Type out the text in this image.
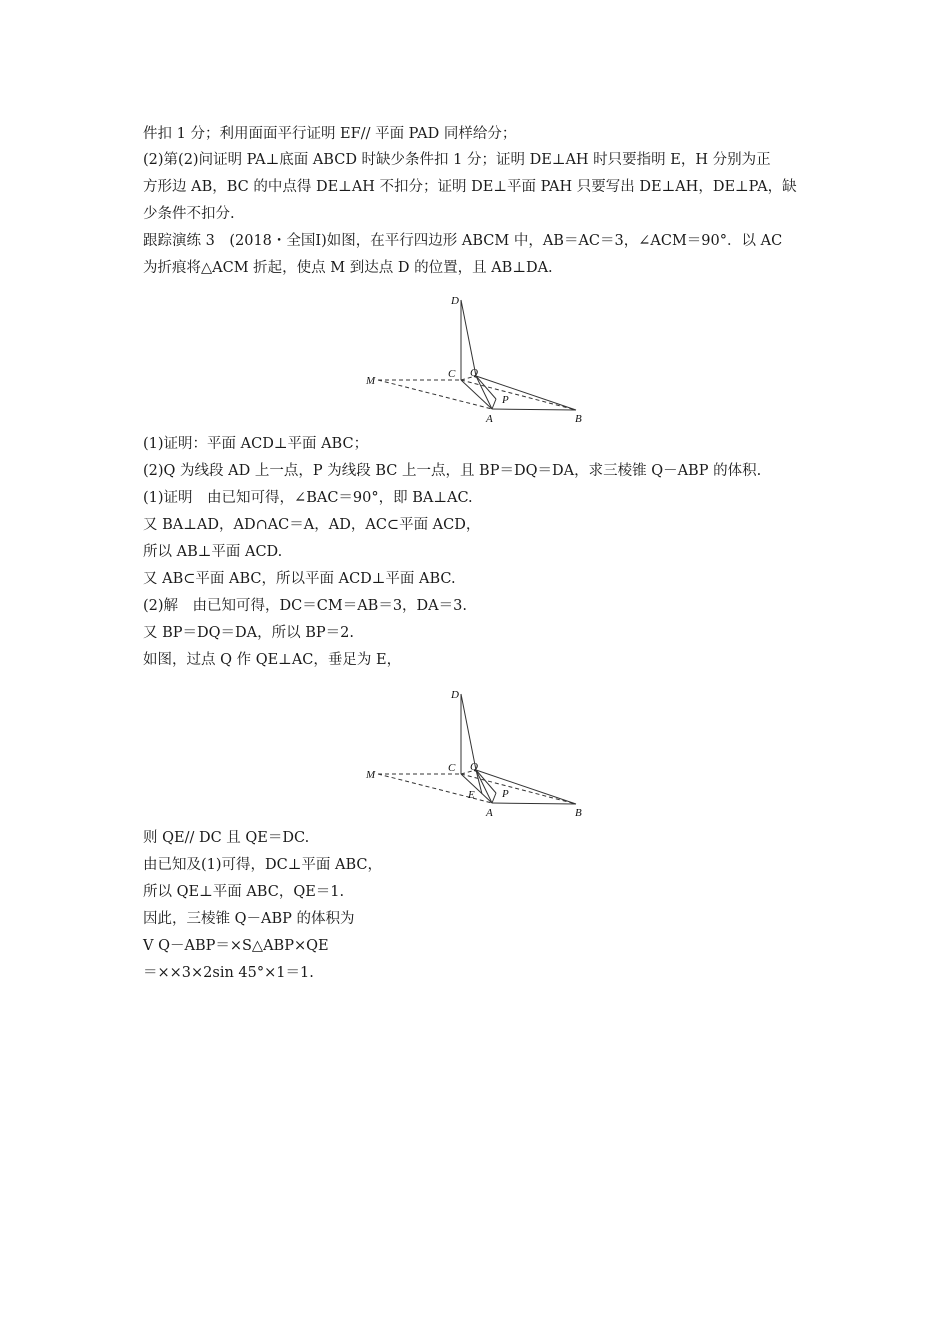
件扣 1 分；利用面面平行证明 EF// 平面 PAD 同样给分；
(2)第(2)问证明 PA⊥底面 ABCD 时缺少条件扣 1 分；证明 DE⊥AH 时只要指明 E，H 分别为正
方形边 AB，BC 的中点得 DE⊥AH 不扣分；证明 DE⊥平面 PAH 只要写出 DE⊥AH，DE⊥PA，缺
少条件不扣分.
跟踪演练 3　(2018・全国Ⅰ)如图，在平行四边形 ABCM 中，AB＝AC＝3，∠ACM＝90°．以 AC
为折痕将△ACM 折起，使点 M 到达点 D 的位置，且 AB⊥DA.
D
C Q
M
P
A	B
(1)证明：平面 ACD⊥平面 ABC；
(2)Q 为线段 AD 上一点，P 为线段 BC 上一点，且 BP＝DQ＝DA，求三棱锥 Q－ABP 的体积.
(1)证明　由已知可得，∠BAC＝90°，即 BA⊥AC.
又 BA⊥AD，AD∩AC＝A，AD，AC⊂平面 ACD，
所以 AB⊥平面 ACD.
又 AB⊂平面 ABC，所以平面 ACD⊥平面 ABC.
(2)解　由已知可得，DC＝CM＝AB＝3，DA＝3.
又 BP＝DQ＝DA，所以 BP＝2.
如图，过点 Q 作 QE⊥AC，垂足为 E，
D
C Q
M
E P
A	B
则 QE// DC 且 QE＝DC.
由已知及(1)可得，DC⊥平面 ABC，
所以 QE⊥平面 ABC，QE＝1.
因此，三棱锥 Q－ABP 的体积为
V Q－ABP＝×S△ABP×QE
＝××3×2sin 45°×1＝1.
